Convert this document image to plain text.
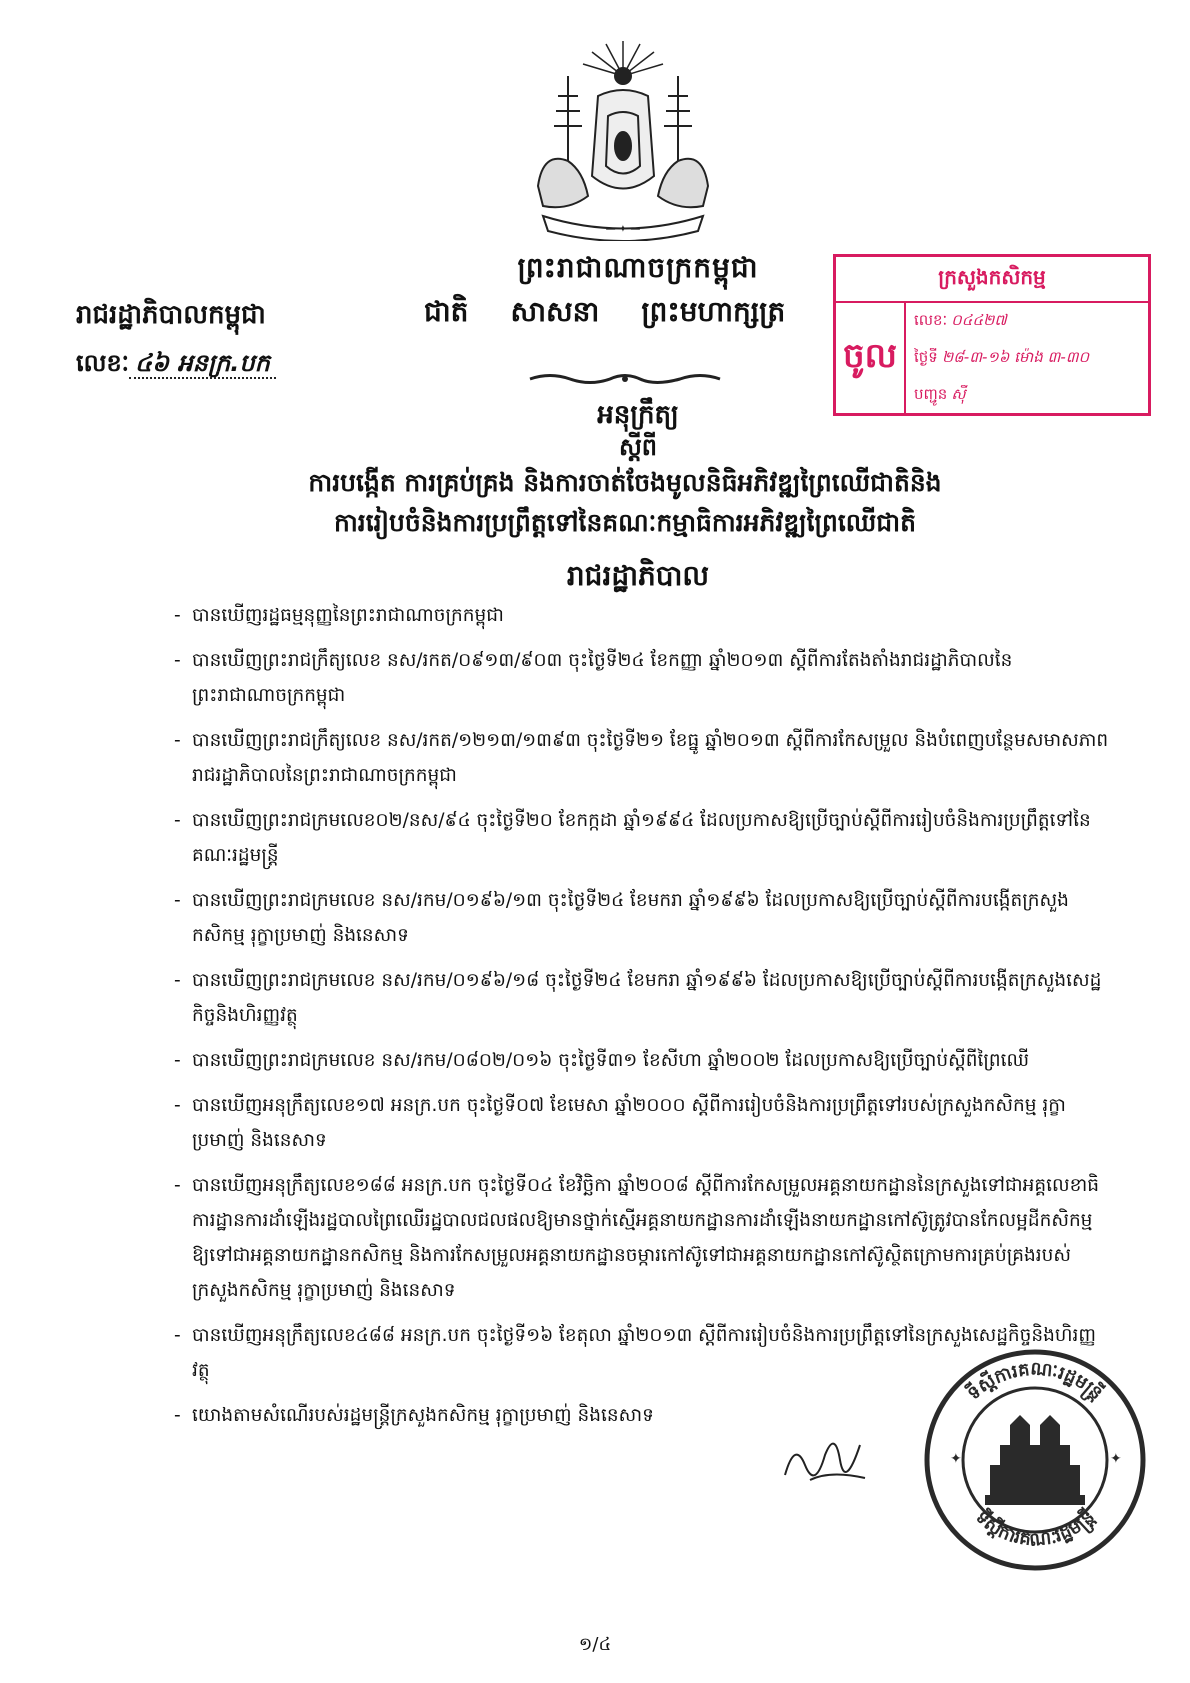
— ✦ —
ព្រះរាជាណាចក្រកម្ពុជា
ជាតិ សាសនា ព្រះមហាក្សត្រ
រាជរដ្ឋាភិបាលកម្ពុជា
លេខៈ ៤៦ អនក្រ.បក
ក្រសួងកសិកម្ម
ចូល
លេខៈ ០៤៤២៧
ថ្ងៃទី ២៨-៣-១៦ ម៉ោង ៣-៣០
បញ្ជូន ស៊ី
អនុក្រឹត្យ
ស្តីពី
ការបង្កើត ការគ្រប់គ្រង និងការចាត់ចែងមូលនិធិអភិវឌ្ឍព្រៃឈើជាតិនិង
ការរៀបចំនិងការប្រព្រឹត្តទៅនៃគណៈកម្មាធិការអភិវឌ្ឍព្រៃឈើជាតិ
រាជរដ្ឋាភិបាល
- បានឃើញរដ្ឋធម្មនុញ្ញនៃព្រះរាជាណាចក្រកម្ពុជា
- បានឃើញព្រះរាជក្រឹត្យលេខ នស/រកត/០៩១៣/៩០៣ ចុះថ្ងៃទី២៤ ខែកញ្ញា ឆ្នាំ២០១៣ ស្តីពីការតែងតាំងរាជរដ្ឋាភិបាលនៃព្រះរាជាណាចក្រកម្ពុជា
- បានឃើញព្រះរាជក្រឹត្យលេខ នស/រកត/១២១៣/១៣៩៣ ចុះថ្ងៃទី២១ ខែធ្នូ ឆ្នាំ២០១៣ ស្តីពីការកែសម្រួល និងបំពេញបន្ថែមសមាសភាពរាជរដ្ឋាភិបាលនៃព្រះរាជាណាចក្រកម្ពុជា
- បានឃើញព្រះរាជក្រមលេខ០២/នស/៩៤ ចុះថ្ងៃទី២០ ខែកក្កដា ឆ្នាំ១៩៩៤ ដែលប្រកាសឱ្យប្រើច្បាប់ស្តីពីការរៀបចំនិងការប្រព្រឹត្តទៅនៃគណៈរដ្ឋមន្ត្រី
- បានឃើញព្រះរាជក្រមលេខ នស/រកម/០១៩៦/១៣ ចុះថ្ងៃទី២៤ ខែមករា ឆ្នាំ១៩៩៦ ដែលប្រកាសឱ្យប្រើច្បាប់ស្តីពីការបង្កើតក្រសួងកសិកម្ម រុក្ខាប្រមាញ់ និងនេសាទ
- បានឃើញព្រះរាជក្រមលេខ នស/រកម/០១៩៦/១៨ ចុះថ្ងៃទី២៤ ខែមករា ឆ្នាំ១៩៩៦ ដែលប្រកាសឱ្យប្រើច្បាប់ស្តីពីការបង្កើតក្រសួងសេដ្ឋកិច្ចនិងហិរញ្ញវត្ថុ
- បានឃើញព្រះរាជក្រមលេខ នស/រកម/០៨០២/០១៦ ចុះថ្ងៃទី៣១ ខែសីហា ឆ្នាំ២០០២ ដែលប្រកាសឱ្យប្រើច្បាប់ស្តីពីព្រៃឈើ
- បានឃើញអនុក្រឹត្យលេខ១៧ អនក្រ.បក ចុះថ្ងៃទី០៧ ខែមេសា ឆ្នាំ២០០០ ស្តីពីការរៀបចំនិងការប្រព្រឹត្តទៅរបស់ក្រសួងកសិកម្ម រុក្ខាប្រមាញ់ និងនេសាទ
- បានឃើញអនុក្រឹត្យលេខ១៨៨ អនក្រ.បក ចុះថ្ងៃទី០៤ ខែវិច្ឆិកា ឆ្នាំ២០០៨ ស្តីពីការកែសម្រួលអគ្គនាយកដ្ឋាននៃក្រសួងទៅជាអគ្គលេខាធិការដ្ឋានការដាំឡើងរដ្ឋបាលព្រៃឈើរដ្ឋបាលជលផលឱ្យមានថ្នាក់ស្មើអគ្គនាយកដ្ឋានការដាំឡើងនាយកដ្ឋានកៅស៊ូត្រូវបានកែលម្អដីកសិកម្មឱ្យទៅជាអគ្គនាយកដ្ឋានកសិកម្ម និងការកែសម្រួលអគ្គនាយកដ្ឋានចម្ការកៅស៊ូទៅជាអគ្គនាយកដ្ឋានកៅស៊ូស្ថិតក្រោមការគ្រប់គ្រងរបស់ក្រសួងកសិកម្ម រុក្ខាប្រមាញ់ និងនេសាទ
- បានឃើញអនុក្រឹត្យលេខ៤៨៨ អនក្រ.បក ចុះថ្ងៃទី១៦ ខែតុលា ឆ្នាំ២០១៣ ស្តីពីការរៀបចំនិងការប្រព្រឹត្តទៅនៃក្រសួងសេដ្ឋកិច្ចនិងហិរញ្ញវត្ថុ
- យោងតាមសំណើរបស់រដ្ឋមន្ត្រីក្រសួងកសិកម្ម រុក្ខាប្រមាញ់ និងនេសាទ
ទីស្តីការគណៈរដ្ឋមន្ត្រី
ទីស្តីការគណៈរដ្ឋមន្ត្រី
✦	✦
១/៤
